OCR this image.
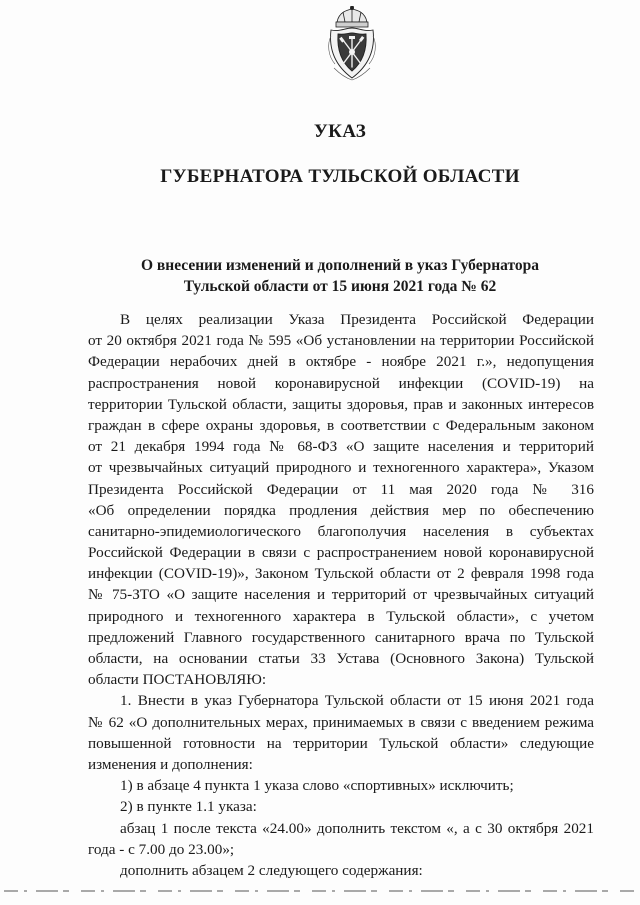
УКАЗ
ГУБЕРНАТОРА ТУЛЬСКОЙ ОБЛАСТИ
О внесении изменений и дополнений в указ Губернатора
Тульской области от 15 июня 2021 года № 62
В целях реализации Указа Президента Российской Федерации
от 20 октября 2021 года № 595 «Об установлении на территории Российской
Федерации нерабочих дней в октябре - ноябре 2021 г.», недопущения
распространения новой коронавирусной инфекции (COVID-19) на
территории Тульской области, защиты здоровья, прав и законных интересов
граждан в сфере охраны здоровья, в соответствии с Федеральным законом
от 21 декабря 1994 года № 68-ФЗ «О защите населения и территорий
от чрезвычайных ситуаций природного и техногенного характера», Указом
Президента Российской Федерации от 11 мая 2020 года № 316
«Об определении порядка продления действия мер по обеспечению
санитарно-эпидемиологического благополучия населения в субъектах
Российской Федерации в связи с распространением новой коронавирусной
инфекции (COVID-19)», Законом Тульской области от 2 февраля 1998 года
№ 75-ЗТО «О защите населения и территорий от чрезвычайных ситуаций
природного и техногенного характера в Тульской области», с учетом
предложений Главного государственного санитарного врача по Тульской
области, на основании статьи 33 Устава (Основного Закона) Тульской
области ПОСТАНОВЛЯЮ:
1. Внести в указ Губернатора Тульской области от 15 июня 2021 года
№ 62 «О дополнительных мерах, принимаемых в связи с введением режима
повышенной готовности на территории Тульской области» следующие
изменения и дополнения:
1) в абзаце 4 пункта 1 указа слово «спортивных» исключить;
2) в пункте 1.1 указа:
абзац 1 после текста «24.00» дополнить текстом «, а с 30 октября 2021
года - с 7.00 до 23.00»;
дополнить абзацем 2 следующего содержания:
